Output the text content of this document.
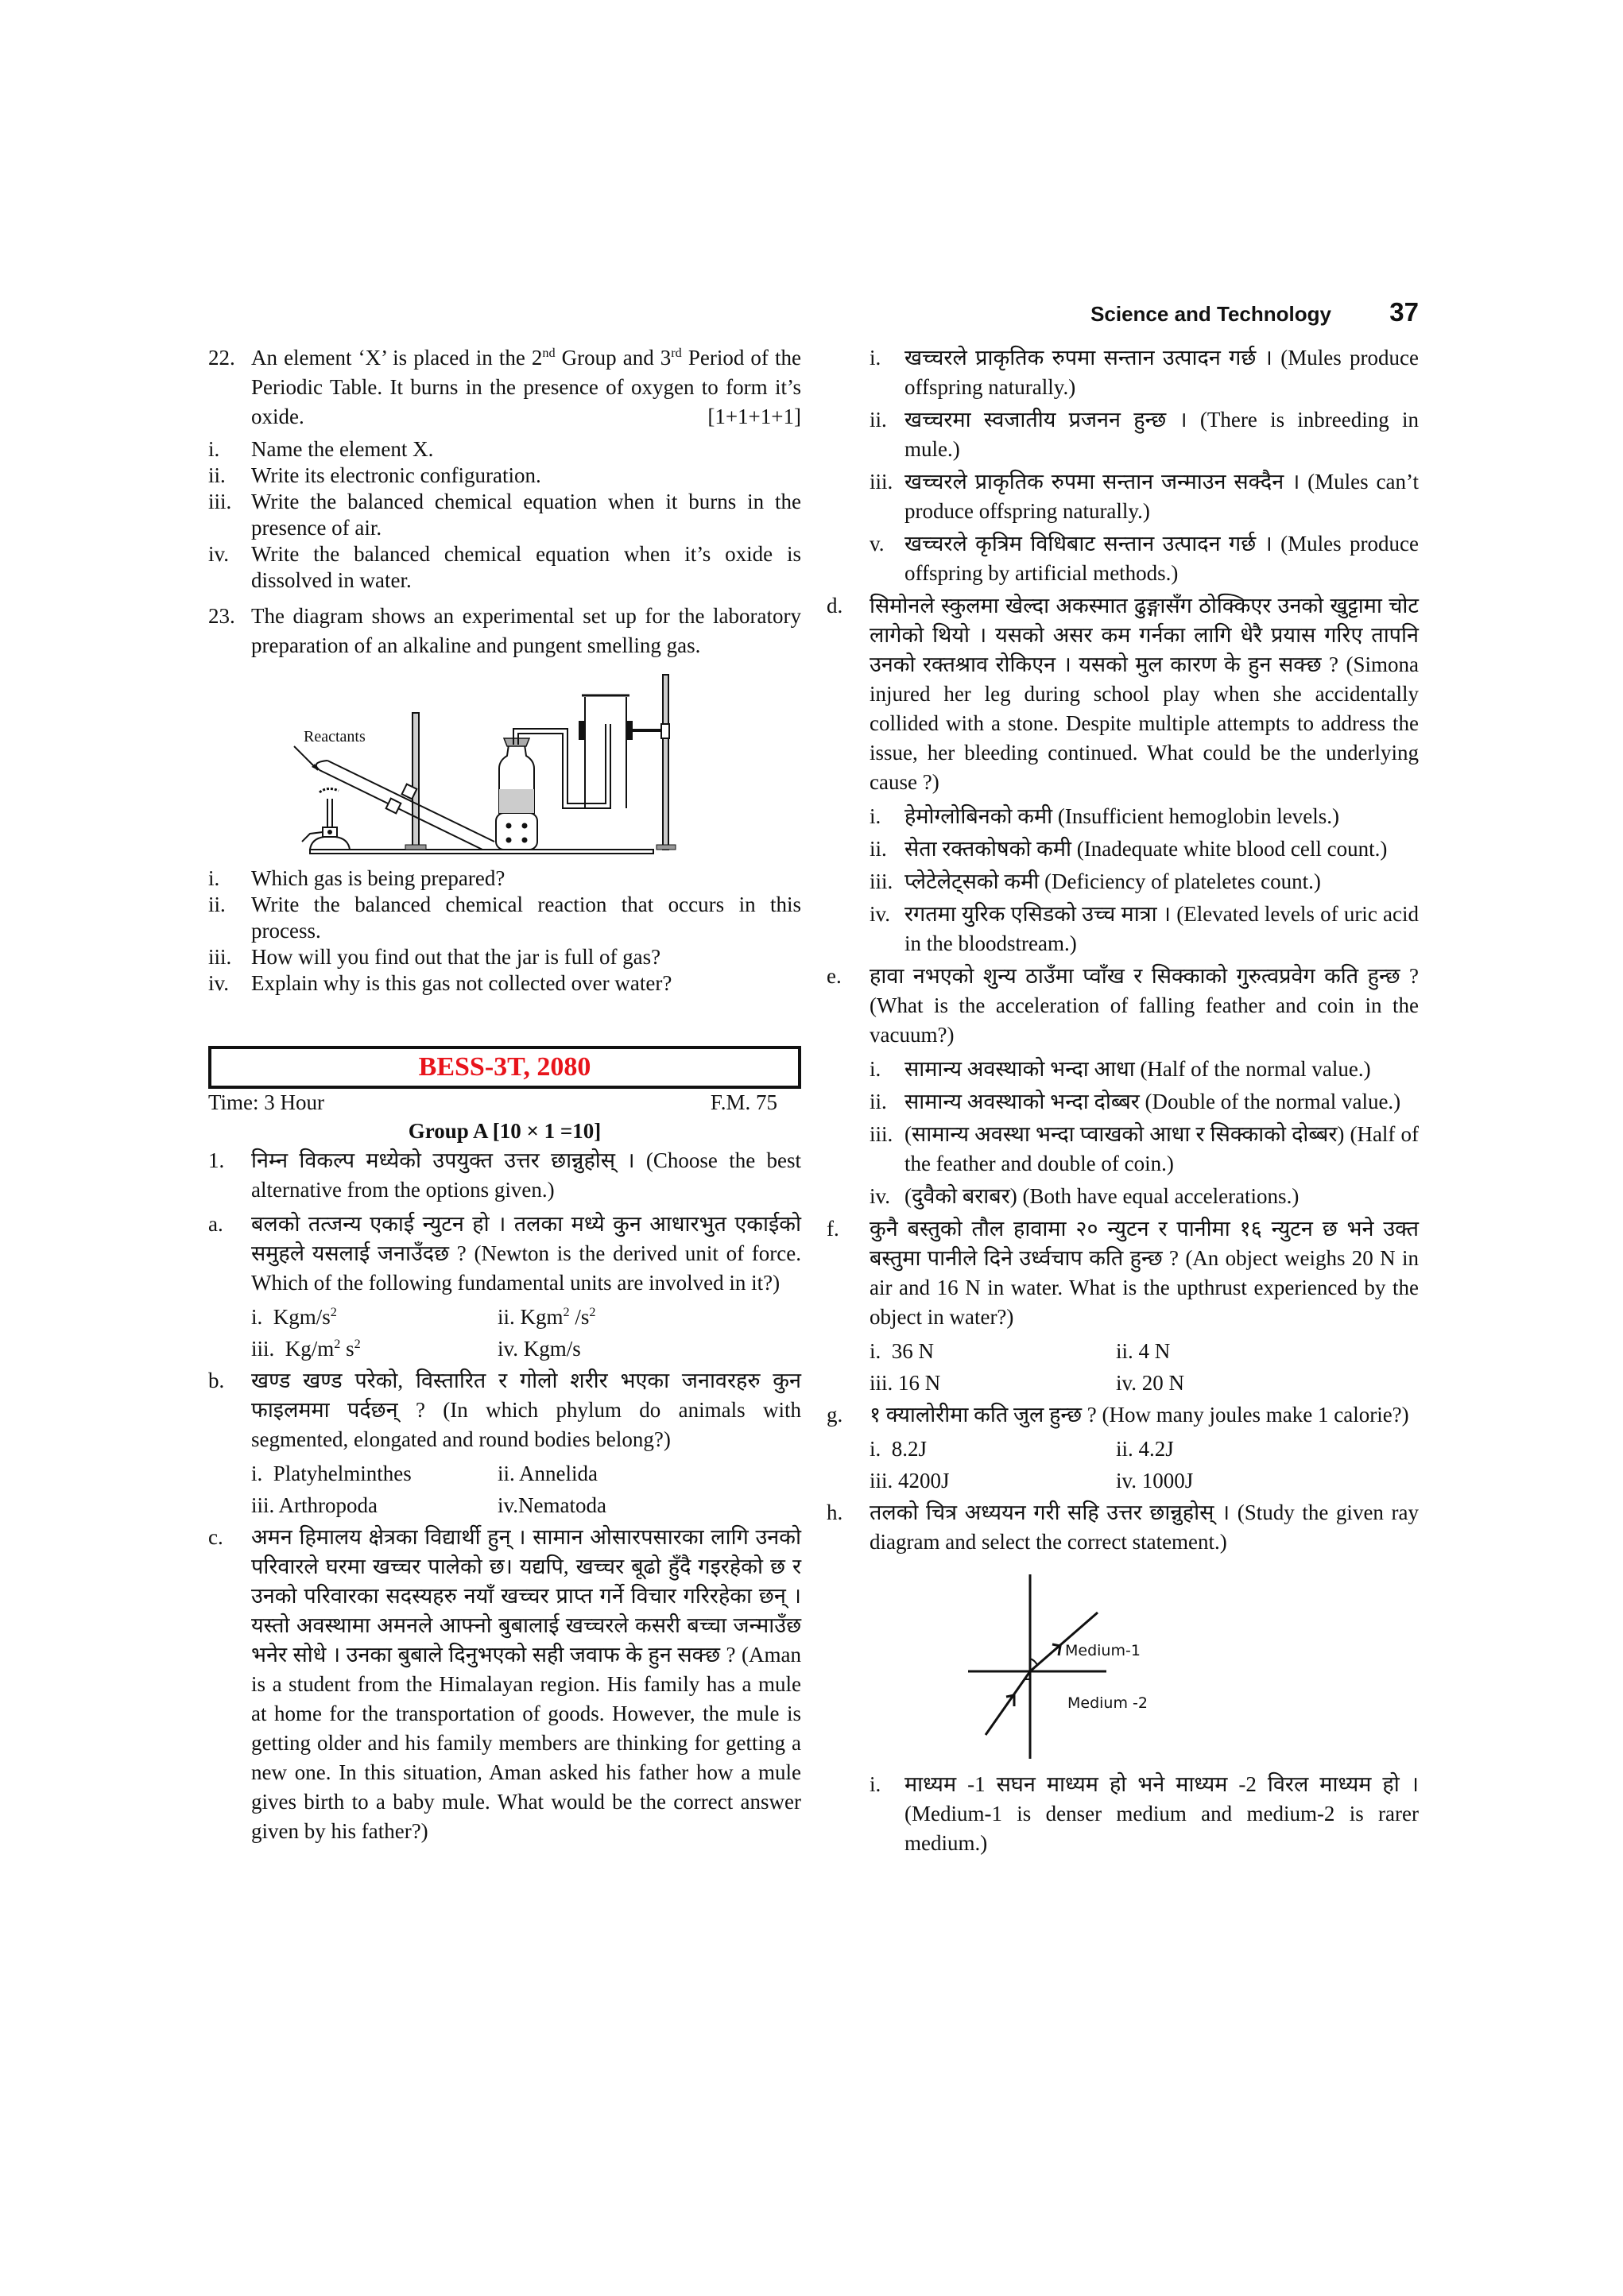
Science and Technology 37
22. An element ‘X’ is placed in the 2nd Group and 3rd Period of the Periodic Table. It burns in the presence of oxygen to form it’s oxide.	[1+1+1+1]

i. Name the element X.

ii. Write its electronic configuration.

iii. Write the balanced chemical equation when it burns in the presence of air.

iv. Write the balanced chemical equation when it’s oxide is dissolved in water.

23. The diagram shows an experimental set up for the laboratory preparation of an alkaline and pungent smelling gas.
Reactants

i. Which gas is being prepared?

ii. Write the balanced chemical reaction that occurs in this process.

iii. How will you find out that the jar is full of gas?

iv. Explain why is this gas not collected over water?

BESS-3T, 2080
Time: 3 Hour	F.M. 75
Group A [10 × 1 =10]
1. निम्न विकल्प मध्येको उपयुक्त उत्तर छान्नुहोस् । (Choose the best alternative from the options given.)
a. बलको तत्जन्य एकाई न्युटन हो । तलका मध्ये कुन आधारभुत एकाईको समुहले यसलाई जनाउँदछ ? (Newton is the derived unit of force. Which of the following fundamental units are involved in it?)
i. Kgm/$s^2$	ii. Kgm$^2$ $/s^2$
iii. $Kg/m^2$ $s^2$	iv. Kgm/s
b. खण्ड खण्ड परेको, विस्तारित र गोलो शरीर भएका जनावरहरु कुन फाइलममा पर्दछन् ? (In which phylum do animals with segmented, elongated and round bodies belong?)
i. Platyhelminthes	ii. Annelida
iii. Arthropoda	iv.Nematoda
c. अमन हिमालय क्षेत्रका विद्यार्थी हुन् । सामान ओसारपसारका लागि उनको परिवारले घरमा खच्चर पालेको छ। यद्यपि, खच्चर बूढो हुँदै गइरहेको छ र उनको परिवारका सदस्यहरु नयाँ खच्चर प्राप्त गर्ने विचार गरिरहेका छन् । यस्तो अवस्थामा अमनले आफ्नो बुबालाई खच्चरले कसरी बच्चा जन्माउँछ भनेर सोधे । उनका बुबाले दिनुभएको सही जवाफ के हुन सक्छ ? (Aman is a student from the Himalayan region. His family has a mule at home for the transportation of goods. However, the mule is getting older and his family members are thinking for getting a new one. In this situation, Aman asked his father how a mule gives birth to a baby mule. What would be the correct answer given by his father?)

i. खच्चरले प्राकृतिक रुपमा सन्तान उत्पादन गर्छ । (Mules produce offspring naturally.)

ii. खच्चरमा स्वजातीय प्रजनन हुन्छ । (There is inbreeding in mule.)

iii. खच्चरले प्राकृतिक रुपमा सन्तान जन्माउन सक्दैन । (Mules can’t produce offspring naturally.)

v. खच्चरले कृत्रिम विधिबाट सन्तान उत्पादन गर्छ । (Mules produce offspring by artificial methods.)

d. सिमोनले स्कुलमा खेल्दा अकस्मात ढुङ्गासँग ठोक्किएर उनको खुट्टामा चोट लागेको थियो । यसको असर कम गर्नका लागि धेरै प्रयास गरिए तापनि उनको रक्तश्राव रोकिएन । यसको मुल कारण के हुन सक्छ ? (Simona injured her leg during school play when she accidentally collided with a stone. Despite multiple attempts to address the issue, her bleeding continued. What could be the underlying cause ?)

i. हेमोग्लोबिनको कमी (Insufficient hemoglobin levels.)

ii. सेता रक्तकोषको कमी (Inadequate white blood cell count.)

iii. प्लेटेलेट्सको कमी (Deficiency of plateletes count.)

iv. रगतमा युरिक एसिडको उच्च मात्रा । (Elevated levels of uric acid in the bloodstream.)

e. हावा नभएको शुन्य ठाउँमा प्वाँख र सिक्काको गुरुत्वप्रवेग कति हुन्छ ? (What is the acceleration of falling feather and coin in the vacuum?)

i. सामान्य अवस्थाको भन्दा आधा (Half of the normal value.)

ii. सामान्य अवस्थाको भन्दा दोब्बर (Double of the normal value.)

iii. (सामान्य अवस्था भन्दा प्वाखको आधा र सिक्काको दोब्बर) (Half of the feather and double of coin.)

iv. (दुवैको बराबर) (Both have equal accelerations.)

f. कुनै बस्तुको तौल हावामा २० न्युटन र पानीमा १६ न्युटन छ भने उक्त बस्तुमा पानीले दिने उर्ध्वचाप कति हुन्छ ? (An object weighs 20 N in air and 16 N in water. What is the upthrust experienced by the object in water?)
i. 36 N	ii. 4 N
iii. 16 N	iv. 20 N
g. १ क्यालोरीमा कति जुल हुन्छ ? (How many joules make 1 calorie?)
i. 8.2J	ii. 4.2J
iii. 4200J	iv. 1000J
h. तलको चित्र अध्ययन गरी सहि उत्तर छान्नुहोस् । (Study the given ray diagram and select the correct statement.)
Medium-1
Medium -2

i. माध्यम -1 सघन माध्यम हो भने माध्यम -2 विरल माध्यम हो । (Medium-1 is denser medium and medium-2 is rarer medium.)
